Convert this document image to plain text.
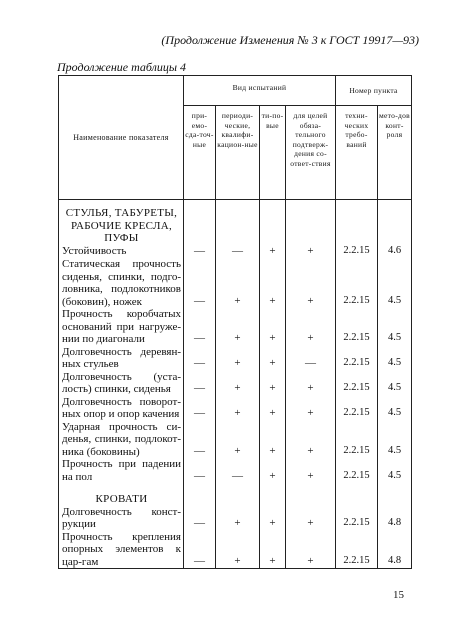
(Продолжение Изменения № 3 к ГОСТ 19917—93)
Продолжение таблицы 4
Наименование показателя	Вид испытаний				Номер пункта	
	при-емо-сда-точ-ные	периоди-ческие, квалифи-кацион-ные	ти-по-вые	для целей обяза-тельного подтверж-дения со-ответ-ствия	техни-ческих требо-ваний	мето-дов конт-роля
СТУЛЬЯ, ТАБУРЕТЫ, РАБОЧИЕ КРЕСЛА, ПУФЫ						
Устойчивость	—	—	+	+	2.2.15	4.6
Статическая прочность сиденья, спинки, подго-ловника, подлокотников (боковин), ножек	—	+	+	+	2.2.15	4.5
Прочность коробчатых оснований при нагруже-нии по диагонали	—	+	+	+	2.2.15	4.5
Долговечность деревян-ных стульев	—	+	+	—	2.2.15	4.5
Долговечность (уста-лость) спинки, сиденья	—	+	+	+	2.2.15	4.5
Долговечность поворот-ных опор и опор качения	—	+	+	+	2.2.15	4.5
Ударная прочность си-денья, спинки, подлокот-ника (боковины)	—	+	+	+	2.2.15	4.5
Прочность при падении на пол	—	—	+	+	2.2.15	4.5

КРОВАТИ						
Долговечность конст-рукции	—	+	+	+	2.2.15	4.8
Прочность крепления опорных элементов к цар-гам	—	+	+	+	2.2.15	4.8
15
